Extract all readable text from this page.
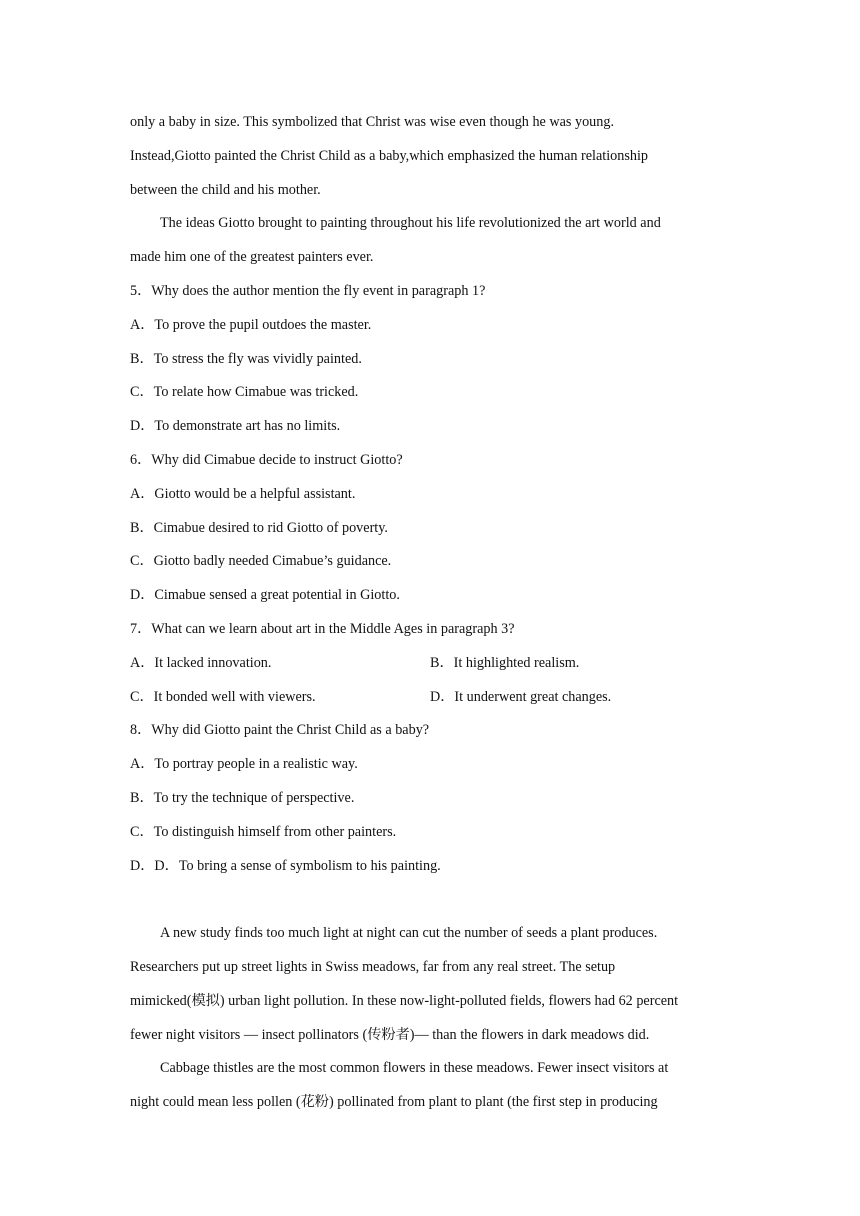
only a baby in size. This symbolized that Christ was wise even though he was young.
Instead,Giotto painted the Christ Child as a baby,which emphasized the human relationship
between the child and his mother.
The ideas Giotto brought to painting throughout his life revolutionized the art world and
made him one of the greatest painters ever.
5．Why does the author mention the fly event in paragraph 1?
A．To prove the pupil outdoes the master.
B．To stress the fly was vividly painted.
C．To relate how Cimabue was tricked.
D．To demonstrate art has no limits.
6．Why did Cimabue decide to instruct Giotto?
A．Giotto would be a helpful assistant.
B．Cimabue desired to rid Giotto of poverty.
C．Giotto badly needed Cimabue’s guidance.
D．Cimabue sensed a great potential in Giotto.
7．What can we learn about art in the Middle Ages in paragraph 3?
A．It lacked innovation.	B．It highlighted realism.
C．It bonded well with viewers.	D．It underwent great changes.
8．Why did Giotto paint the Christ Child as a baby?
A．To portray people in a realistic way.
B．To try the technique of perspective.
C．To distinguish himself from other painters.
D．D．To bring a sense of symbolism to his painting.
A new study finds too much light at night can cut the number of seeds a plant produces.
Researchers put up street lights in Swiss meadows, far from any real street. The setup
mimicked(模拟) urban light pollution. In these now-light-polluted fields, flowers had 62 percent
fewer night visitors — insect pollinators (传粉者)— than the flowers in dark meadows did.
Cabbage thistles are the most common flowers in these meadows. Fewer insect visitors at
night could mean less pollen (花粉) pollinated from plant to plant (the first step in producing
